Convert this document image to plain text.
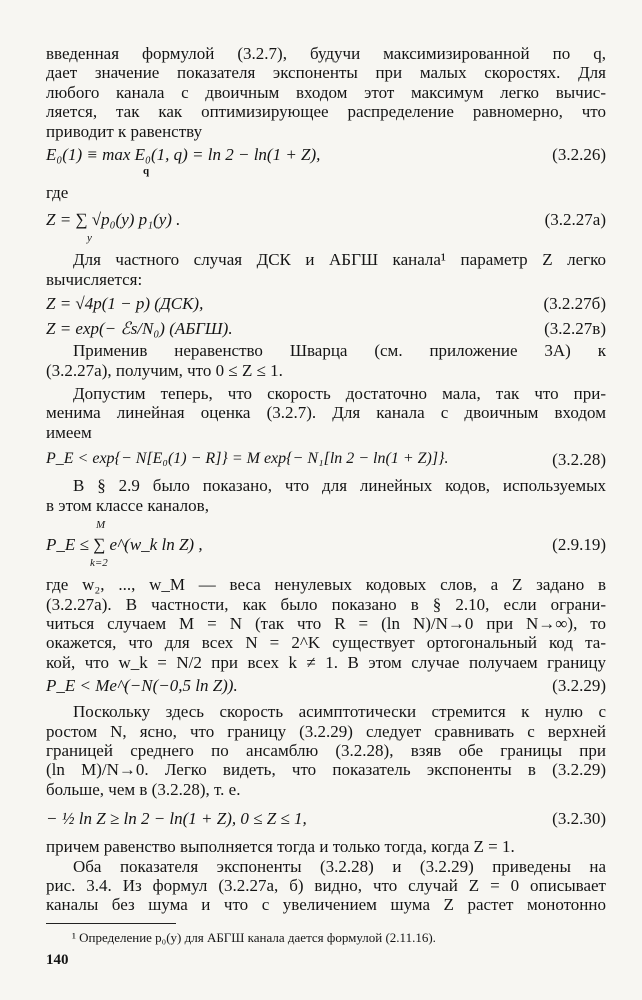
введенная формулой (3.2.7), будучи максимизированной по q,
дает значение показателя экспоненты при малых скоростях. Для
любого канала с двоичным входом этот максимум легко вычис-
ляется, так как оптимизирующее распределение равномерно, что
приводит к равенству
E₀(1) ≡ max E₀(1, q) = ln 2 − ln(1 + Z),
q
(3.2.26)
где
Z = ∑ √p₀(y) p₁(y) .
y
(3.2.27a)
Для частного случая ДСК и АБГШ канала¹ параметр Z легко
вычисляется:
Z = √4p(1 − p) (ДСК),	(3.2.27б)
Z = exp(− ℰs/N₀) (АБГШ).	(3.2.27в)
Применив неравенство Шварца (см. приложение 3А) к
(3.2.27а), получим, что 0 ≤ Z ≤ 1.
Допустим теперь, что скорость достаточно мала, так что при-
менима линейная оценка (3.2.7). Для канала с двоичным входом
имеем
P_E < exp{− N[E₀(1) − R]} = M exp{− N₁[ln 2 − ln(1 + Z)]}.	(3.2.28)
В § 2.9 было показано, что для линейных кодов, используемых
в этом классе каналов,
M
P_E ≤ ∑ e^(w_k ln Z) ,
k=2
(2.9.19)
где w₂, ..., w_M — веса ненулевых кодовых слов, а Z задано в
(3.2.27а). В частности, как было показано в § 2.10, если ограни-
читься случаем M = N (так что R = (ln N)/N→0 при N→∞), то
окажется, что для всех N = 2^K существует ортогональный код та-
кой, что w_k = N/2 при всех k ≠ 1. В этом случае получаем границу
P_E < Me^(−N(−0,5 ln Z)).	(3.2.29)
Поскольку здесь скорость асимптотически стремится к нулю с
ростом N, ясно, что границу (3.2.29) следует сравнивать с верхней
границей среднего по ансамблю (3.2.28), взяв обе границы при
(ln M)/N→0. Легко видеть, что показатель экспоненты в (3.2.29)
больше, чем в (3.2.28), т. е.
− ½ ln Z ≥ ln 2 − ln(1 + Z), 0 ≤ Z ≤ 1,	(3.2.30)
причем равенство выполняется тогда и только тогда, когда Z = 1.
Оба показателя экспоненты (3.2.28) и (3.2.29) приведены на
рис. 3.4. Из формул (3.2.27а, б) видно, что случай Z = 0 описывает
каналы без шума и что с увеличением шума Z растет монотонно
¹ Определение p₀(y) для АБГШ канала дается формулой (2.11.16).
140
